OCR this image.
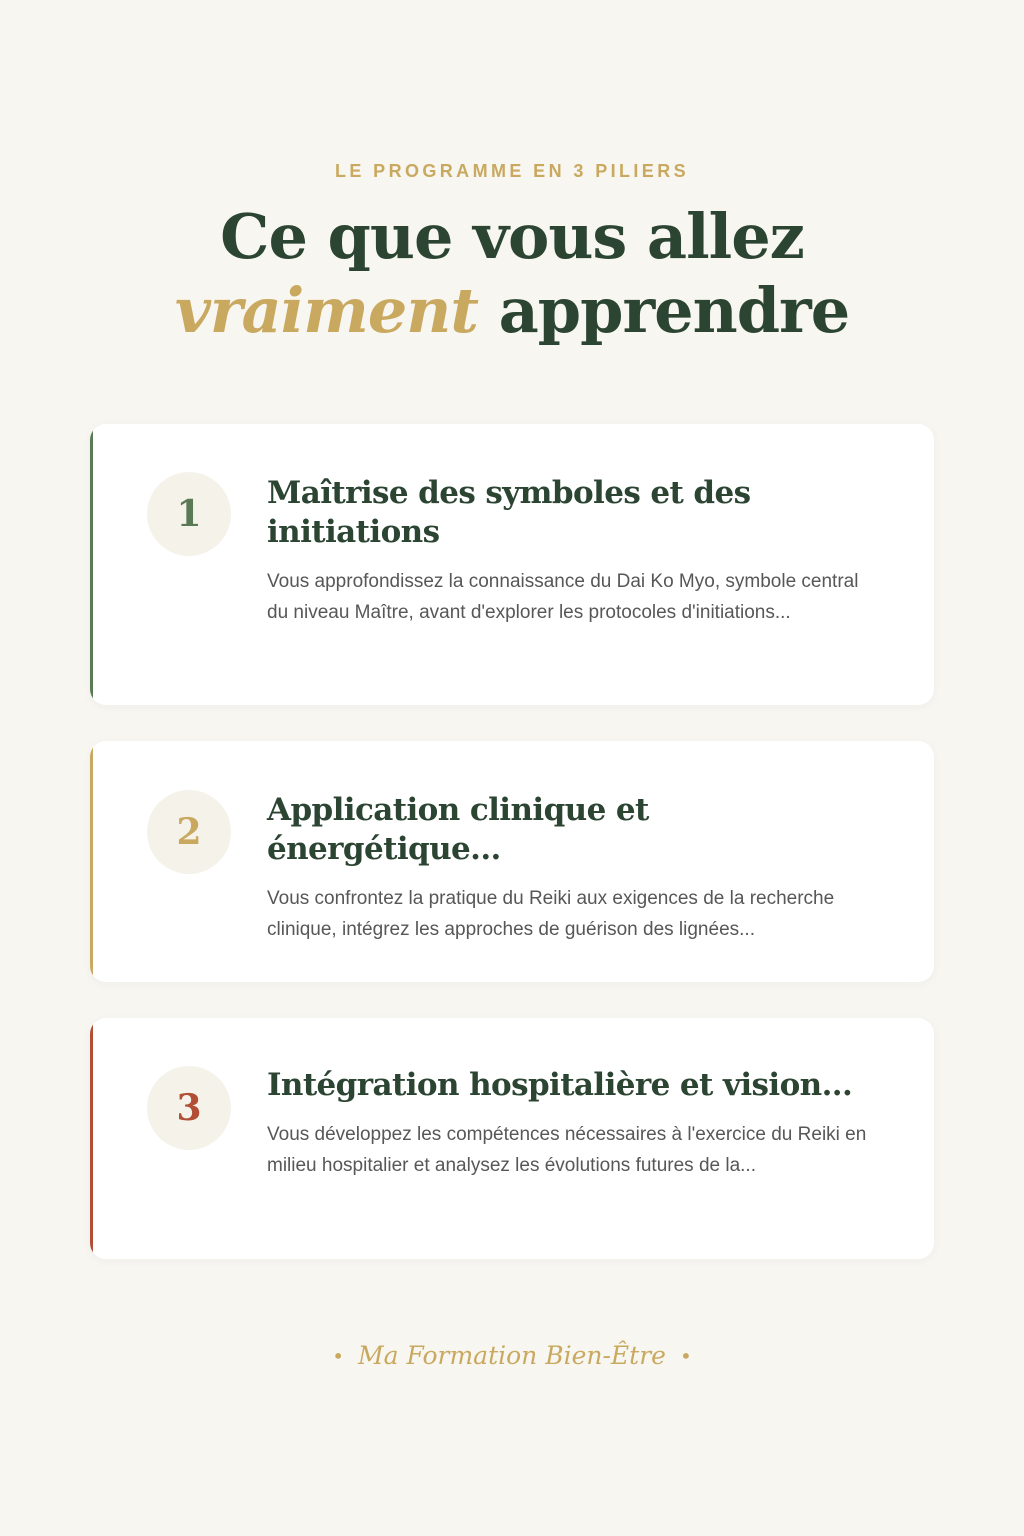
LE PROGRAMME EN 3 PILIERS
Ce que vous allez
vraiment apprendre
1	Maîtrise des symboles et des initiations

Vous approfondissez la connaissance du Dai Ko Myo, symbole central du niveau Maître, avant d'explorer les protocoles d'initiations...

2
Application clinique et énergétique...

Vous confrontez la pratique du Reiki aux exigences de la recherche clinique, intégrez les approches de guérison des lignées...

3
Intégration hospitalière et vision...

Vous développez les compétences nécessaires à l'exercice du Reiki en milieu hospitalier et analysez les évolutions futures de la...

• Ma Formation Bien-Être •
